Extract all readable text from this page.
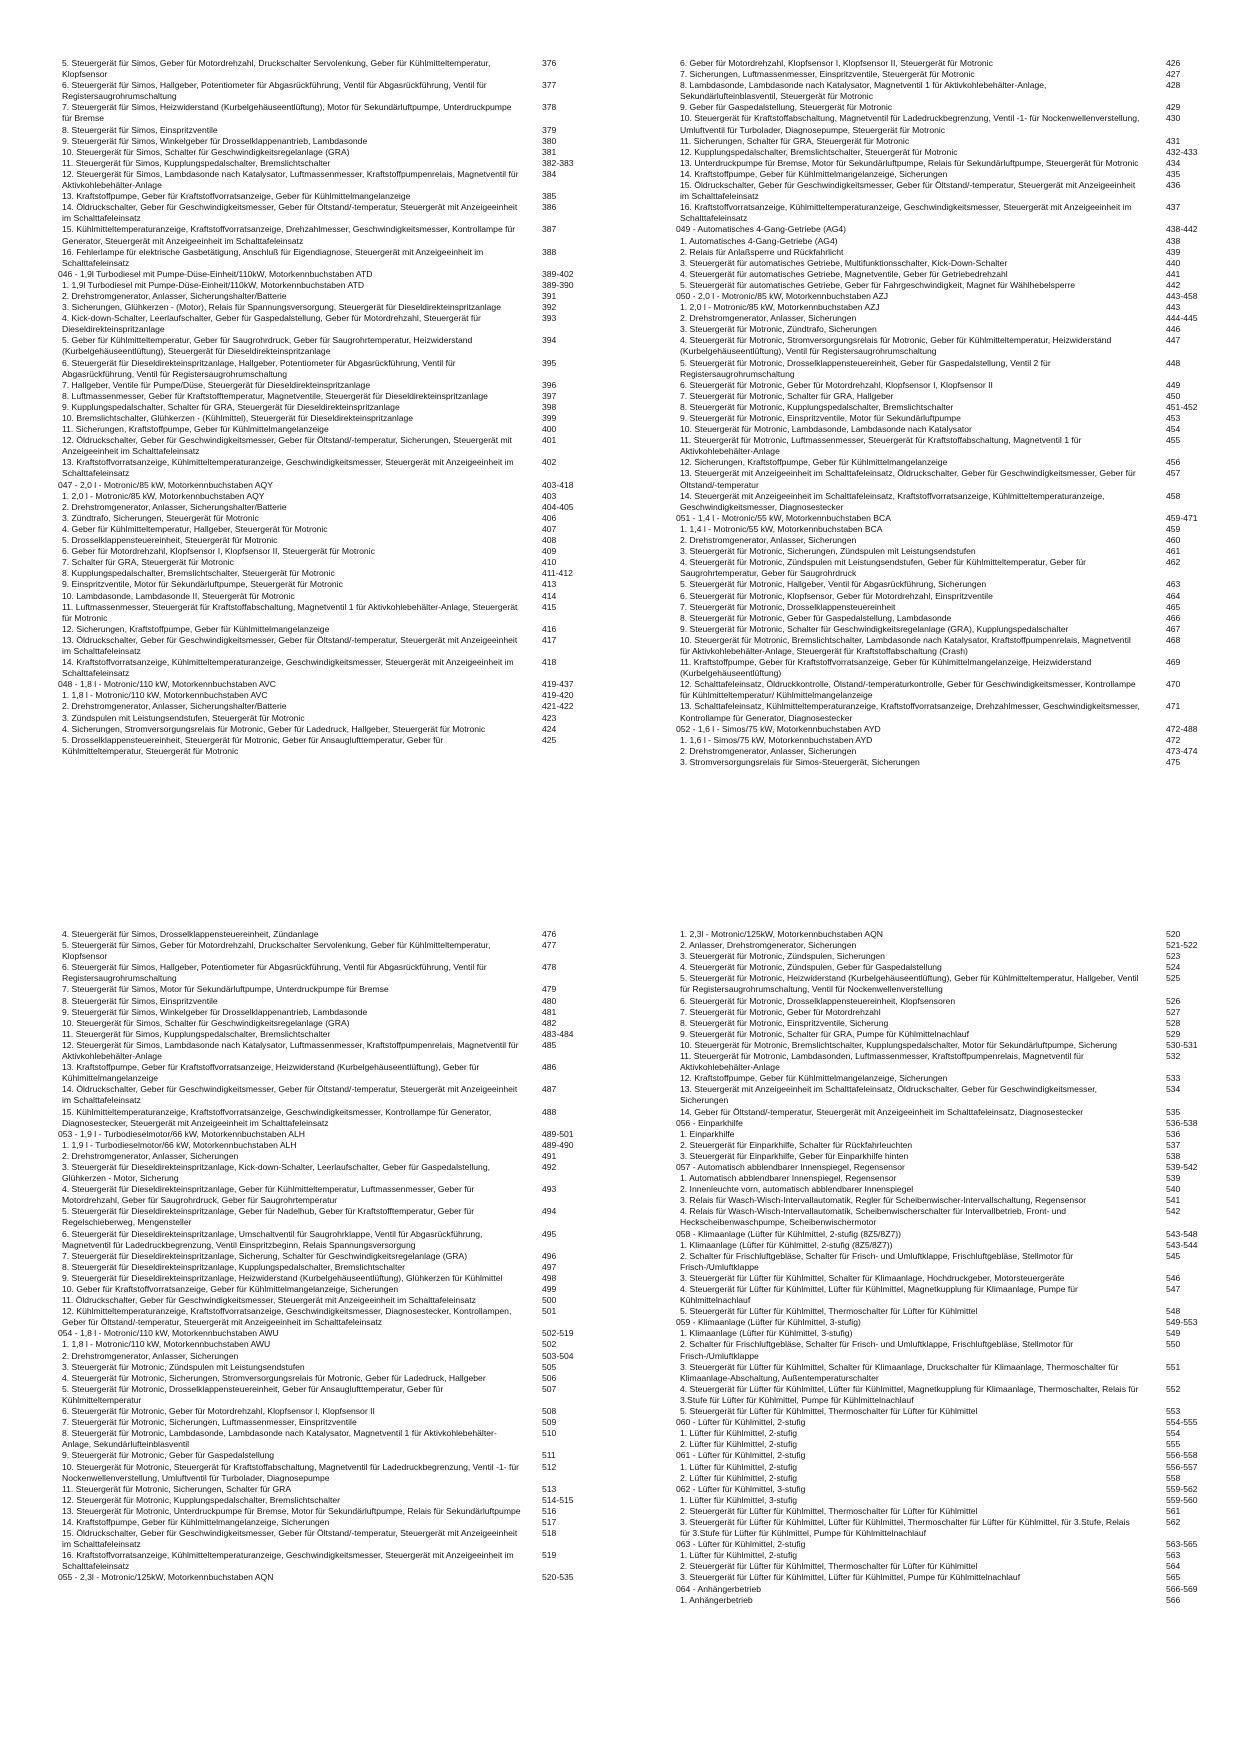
5. Steuergerät für Simos, Geber für Motordrehzahl, Druckschalter Servolenkung, Geber für Kühlmitteltemperatur, Klopfsensor
376
6. Steuergerät für Simos, Hallgeber, Potentiometer für Abgasrückführung, Ventil für Abgasrückführung, Ventil für Registersaugrohrumschaltung
377
7. Steuergerät für Simos, Heizwiderstand (Kurbelgehäuseentlüftung), Motor für Sekundärluftpumpe, Unterdruckpumpe für Bremse
378
8. Steuergerät für Simos, Einspritzventile	379
9. Steuergerät für Simos, Winkelgeber für Drosselklappenantrieb, Lambdasonde	380
10. Steuergerät für Simos, Schalter für Geschwindigkeitsregelanlage (GRA)	381
11. Steuergerät für Simos, Kupplungspedalschalter, Bremslichtschalter	382-383
12. Steuergerät für Simos, Lambdasonde nach Katalysator, Luftmassenmesser, Kraftstoffpumpenrelais, Magnetventil für Aktivkohlebehälter-Anlage
384
13. Kraftstoffpumpe, Geber für Kraftstoffvorratsanzeige, Geber für Kühlmittelmangelanzeige	385
14. Öldruckschalter, Geber für Geschwindigkeitsmesser, Geber für Öltstand/-temperatur, Steuergerät mit Anzeigeeinheit im Schalttafeleinsatz
386
15. Kühlmitteltemperaturanzeige, Kraftstoffvorratsanzeige, Drehzahlmesser, Geschwindigkeitsmesser, Kontrollampe für Generator, Steuergerät mit Anzeigeeinheit im Schalttafeleinsatz
387
16. Fehlerlampe für elektrische Gasbetätigung, Anschluß für Eigendiagnose, Steuergerät mit Anzeigeeinheit im Schalttafeleinsatz
388
046 - 1,9l Turbodiesel mit Pumpe-Düse-Einheit/110kW, Motorkennbuchstaben ATD	389-402
1. 1,9l Turbodiesel mit Pumpe-Düse-Einheit/110kW, Motorkennbuchstaben ATD	389-390
2. Drehstromgenerator, Anlasser, Sicherungshalter/Batterie	391
3. Sicherungen, Glühkerzen - (Motor), Relais für Spannungsversorgung, Steuergerät für Dieseldirekteinspritzanlage	392
4. Kick-down-Schalter, Leerlaufschalter, Geber für Gaspedalstellung, Geber für Motordrehzahl, Steuergerät für Dieseldirekteinspritzanlage
393
5. Geber für Kühlmitteltemperatur, Geber für Saugrohrdruck, Geber für Saugrohrtemperatur, Heizwiderstand (Kurbelgehäuseentlüftung), Steuergerät für Dieseldirekteinspritzanlage
394
6. Steuergerät für Dieseldirekteinspritzanlage, Hallgeber, Potentiometer für Abgasrückführung, Ventil für Abgasrückführung, Ventil für Registersaugrohrumschaltung
395
7. Hallgeber, Ventile für Pumpe/Düse, Steuergerät für Dieseldirekteinspritzanlage	396
8. Luftmassenmesser, Geber für Kraftstofftemperatur, Magnetventile, Steuergerät für Dieseldirekteinspritzanlage	397
9. Kupplungspedalschalter, Schalter für GRA, Steuergerät für Dieseldirekteinspritzanlage	398
10. Bremslichtschalter, Glühkerzen - (Kühlmittel), Steuergerät für Dieseldirekteinspritzanlage	399
11. Sicherungen, Kraftstoffpumpe, Geber für Kühlmittelmangelanzeige	400
12. Öldruckschalter, Geber für Geschwindigkeitsmesser, Geber für Öltstand/-temperatur, Sicherungen, Steuergerät mit Anzeigeeinheit im Schalttafeleinsatz
401
13. Kraftstoffvorratsanzeige, Kühlmitteltemperaturanzeige, Geschwindigkeitsmesser, Steuergerät mit Anzeigeeinheit im Schalttafeleinsatz
402
047 - 2,0 l - Motronic/85 kW, Motorkennbuchstaben AQY	403-418
1. 2,0 l - Motronic/85 kW, Motorkennbuchstaben AQY	403
2. Drehstromgenerator, Anlasser, Sicherungshalter/Batterie	404-405
3. Zündtrafo, Sicherungen, Steuergerät für Motronic	406
4. Geber für Kühlmitteltemperatur, Hallgeber, Steuergerät für Motronic	407
5. Drosselklappensteuereinheit, Steuergerät für Motronic	408
6. Geber für Motordrehzahl, Klopfsensor I, Klopfsensor II, Steuergerät für Motronic	409
7. Schalter für GRA, Steuergerät für Motronic	410
8. Kupplungspedalschalter, Bremslichtschalter, Steuergerät für Motronic	411-412
9. Einspritzventile, Motor für Sekundärluftpumpe, Steuergerät für Motronic	413
10. Lambdasonde, Lambdasonde II, Steuergerät für Motronic	414
11. Luftmassenmesser, Steuergerät für Kraftstoffabschaltung, Magnetventil 1 für Aktivkohlebehälter-Anlage, Steuergerät für Motronic
415
12. Sicherungen, Kraftstoffpumpe, Geber für Kühlmittelmangelanzeige	416
13. Öldruckschalter, Geber für Geschwindigkeitsmesser, Geber für Öltstand/-temperatur, Steuergerät mit Anzeigeeinheit im Schalttafeleinsatz
417
14. Kraftstoffvorratsanzeige, Kühlmitteltemperaturanzeige, Geschwindigkeitsmesser, Steuergerät mit Anzeigeeinheit im Schalttafeleinsatz
418
048 - 1,8 l - Motronic/110 kW, Motorkennbuchstaben AVC	419-437
1. 1,8 l - Motronic/110 kW, Motorkennbuchstaben AVC	419-420
2. Drehstromgenerator, Anlasser, Sicherungshalter/Batterie	421-422
3. Zündspulen mit Leistungsendstufen, Steuergerät für Motronic	423
4. Sicherungen, Stromversorgungsrelais für Motronic, Geber für Ladedruck, Hallgeber, Steuergerät für Motronic	424
5. Drosselklappensteuereinheit, Steuergerät für Motronic, Geber für Ansauglufttemperatur, Geber für Kühlmitteltemperatur, Steuergerät für Motronic
425
6. Geber für Motordrehzahl, Klopfsensor I, Klopfsensor II, Steuergerät für Motronic	426
7. Sicherungen, Luftmassenmesser, Einspritzventile, Steuergerät für Motronic	427
8. Lambdasonde, Lambdasonde nach Katalysator, Magnetventil 1 für Aktivkohlebehälter-Anlage, Sekundärlufteinblasventil, Steuergerät für Motronic
428
9. Geber für Gaspedalstellung, Steuergerät für Motronic	429
10. Steuergerät für Kraftstoffabschaltung, Magnetventil für Ladedruckbegrenzung, Ventil -1- für Nockenwellenverstellung, Umluftventil für Turbolader, Diagnosepumpe, Steuergerät für Motronic
430
11. Sicherungen, Schalter für GRA, Steuergerät für Motronic	431
12. Kupplungspedalschalter, Bremslichtschalter, Steuergerät für Motronic	432-433
13. Unterdruckpumpe für Bremse, Motor für Sekundärluftpumpe, Relais für Sekundärluftpumpe, Steuergerät für Motronic	434
14. Kraftstoffpumpe, Geber für Kühlmittelmangelanzeige, Sicherungen	435
15. Öldruckschalter, Geber für Geschwindigkeitsmesser, Geber für Öltstand/-temperatur, Steuergerät mit Anzeigeeinheit im Schalttafeleinsatz
436
16. Kraftstoffvorratsanzeige, Kühlmitteltemperaturanzeige, Geschwindigkeitsmesser, Steuergerät mit Anzeigeeinheit im Schalttafeleinsatz
437
049 - Automatisches 4-Gang-Getriebe (AG4)	438-442
1. Automatisches 4-Gang-Getriebe (AG4)	438
2. Relais für Anlaßsperre und Rückfahrlicht	439
3. Steuergerät für automatisches Getriebe, Multifunktionsschalter, Kick-Down-Schalter	440
4. Steuergerät für automatisches Getriebe, Magnetventile, Geber für Getriebedrehzahl	441
5. Steuergerät für automatisches Getriebe, Geber für Fahrgeschwindigkeit, Magnet für Wählhebelsperre	442
050 - 2,0 l - Motronic/85 kW, Motorkennbuchstaben AZJ	443-458
1. 2,0 l - Motronic/85 kW, Motorkennbuchstaben AZJ	443
2. Drehstromgenerator, Anlasser, Sicherungen	444-445
3. Steuergerät für Motronic, Zündtrafo, Sicherungen	446
4. Steuergerät für Motronic, Stromversorgungsrelais für Motronic, Geber für Kühlmitteltemperatur, Heizwiderstand (Kurbelgehäuseentlüftung), Ventil für Registersaugrohrumschaltung
447
5. Steuergerät für Motronic, Drosselklappensteuereinheit, Geber für Gaspedalstellung, Ventil 2 für Registersaugrohrumschaltung
448
6. Steuergerät für Motronic, Geber für Motordrehzahl, Klopfsensor I, Klopfsensor II	449
7. Steuergerät für Motronic, Schalter für GRA, Hallgeber	450
8. Steuergerät für Motronic, Kupplungspedalschalter, Bremslichtschalter	451-452
9. Steuergerät für Motronic, Einspritzventile, Motor für Sekundärluftpumpe	453
10. Steuergerät für Motronic, Lambdasonde, Lambdasonde nach Katalysator	454
11. Steuergerät für Motronic, Luftmassenmesser, Steuergerät für Kraftstoffabschaltung, Magnetventil 1 für Aktivkohlebehälter-Anlage
455
12. Sicherungen, Kraftstoffpumpe, Geber für Kühlmittelmangelanzeige	456
13. Steuergerät mit Anzeigeeinheit im Schalttafeleinsatz, Öldruckschalter, Geber für Geschwindigkeitsmesser, Geber für Öltstand/-temperatur
457
14. Steuergerät mit Anzeigeeinheit im Schalttafeleinsatz, Kraftstoffvorratsanzeige, Kühlmitteltemperaturanzeige, Geschwindigkeitsmesser, Diagnosestecker
458
051 - 1,4 l - Motronic/55 kW, Motorkennbuchstaben BCA	459-471
1. 1,4 l - Motronic/55 kW, Motorkennbuchstaben BCA	459
2. Drehstromgenerator, Anlasser, Sicherungen	460
3. Steuergerät für Motronic, Sicherungen, Zündspulen mit Leistungsendstufen	461
4. Steuergerät für Motronic, Zündspulen mit Leistungsendstufen, Geber für Kühlmitteltemperatur, Geber für Saugrohrtemperatur, Geber für Saugrohrdruck
462
5. Steuergerät für Motronic, Hallgeber, Ventil für Abgasrückführung, Sicherungen	463
6. Steuergerät für Motronic, Klopfsensor, Geber für Motordrehzahl, Einspritzventile	464
7. Steuergerät für Motronic, Drosselklappensteuereinheit	465
8. Steuergerät für Motronic, Geber für Gaspedalstellung, Lambdasonde	466
9. Steuergerät für Motronic, Schalter für Geschwindigkeitsregelanlage (GRA), Kupplungspedalschalter	467
10. Steuergerät für Motronic, Bremslichtschalter, Lambdasonde nach Katalysator, Kraftstoffpumpenrelais, Magnetventil für Aktivkohlebehälter-Anlage, Steuergerät für Kraftstoffabschaltung (Crash)
468
11. Kraftstoffpumpe, Geber für Kraftstoffvorratsanzeige, Geber für Kühlmittelmangelanzeige, Heizwiderstand (Kurbelgehäuseentlüftung)
469
12. Schalttafeleinsatz, Öldruckkontrolle, Ölstand/-temperaturkontrolle, Geber für Geschwindigkeitsmesser, Kontrollampe für Kühlmitteltemperatur/ Kühlmittelmangelanzeige
470
13. Schalttafeleinsatz, Kühlmitteltemperaturanzeige, Kraftstoffvorratsanzeige, Drehzahlmesser, Geschwindigkeitsmesser, Kontrollampe für Generator, Diagnosestecker
471
052 - 1,6 l - Simos/75 kW, Motorkennbuchstaben AYD	472-488
1. 1,6 l - Simos/75 kW, Motorkennbuchstaben AYD	472
2. Drehstromgenerator, Anlasser, Sicherungen	473-474
3. Stromversorgungsrelais für Simos-Steuergerät, Sicherungen	475
4. Steuergerät für Simos, Drosselklappensteuereinheit, Zündanlage	476
5. Steuergerät für Simos, Geber für Motordrehzahl, Druckschalter Servolenkung, Geber für Kühlmitteltemperatur, Klopfsensor
477
6. Steuergerät für Simos, Hallgeber, Potentiometer für Abgasrückführung, Ventil für Abgasrückführung, Ventil für Registersaugrohrumschaltung
478
7. Steuergerät für Simos, Motor für Sekundärluftpumpe, Unterdruckpumpe für Bremse	479
8. Steuergerät für Simos, Einspritzventile	480
9. Steuergerät für Simos, Winkelgeber für Drosselklappenantrieb, Lambdasonde	481
10. Steuergerät für Simos, Schalter für Geschwindigkeitsregelanlage (GRA)	482
11. Steuergerät für Simos, Kupplungspedalschalter, Bremslichtschalter	483-484
12. Steuergerät für Simos, Lambdasonde nach Katalysator, Luftmassenmesser, Kraftstoffpumpenrelais, Magnetventil für Aktivkohlebehälter-Anlage
485
13. Kraftstoffpumpe, Geber für Kraftstoffvorratsanzeige, Heizwiderstand (Kurbelgehäuseentlüftung), Geber für Kühlmittelmangelanzeige
486
14. Öldruckschalter, Geber für Geschwindigkeitsmesser, Geber für Öltstand/-temperatur, Steuergerät mit Anzeigeeinheit im Schalttafeleinsatz
487
15. Kühlmitteltemperaturanzeige, Kraftstoffvorratsanzeige, Geschwindigkeitsmesser, Kontrollampe für Generator, Diagnosestecker, Steuergerät mit Anzeigeeinheit im Schalttafeleinsatz
488
053 - 1,9 l - Turbodieselmotor/66 kW, Motorkennbuchstaben ALH	489-501
1. 1,9 l - Turbodieselmotor/66 kW, Motorkennbuchstaben ALH	489-490
2. Drehstromgenerator, Anlasser, Sicherungen	491
3. Steuergerät für Dieseldirekteinspritzanlage, Kick-down-Schalter, Leerlaufschalter, Geber für Gaspedalstellung, Glühkerzen - Motor, Sicherung
492
4. Steuergerät für Dieseldirekteinspritzanlage, Geber für Kühlmitteltemperatur, Luftmassenmesser, Geber für Motordrehzahl, Geber für Saugrohrdruck, Geber für Saugrohrtemperatur
493
5. Steuergerät für Dieseldirekteinspritzanlage, Geber für Nadelhub, Geber für Kraftstofftemperatur, Geber für Regelschieberweg, Mengensteller
494
6. Steuergerät für Dieseldirekteinspritzanlage, Umschaltventil für Saugrohrklappe, Ventil für Abgasrückführung, Magnetventil für Ladedruckbegrenzung, Ventil Einspritzbeginn, Relais Spannungsversorgung
495
7. Steuergerät für Dieseldirekteinspritzanlage, Sicherung, Schalter für Geschwindigkeitsregelanlage (GRA)	496
8. Steuergerät für Dieseldirekteinspritzanlage, Kupplungspedalschalter, Bremslichtschalter	497
9. Steuergerät für Dieseldirekteinspritzanlage, Heizwiderstand (Kurbelgehäuseentlüftung), Glühkerzen für Kühlmittel	498
10. Geber für Kraftstoffvorratsanzeige, Geber für Kühlmittelmangelanzeige, Sicherungen	499
11. Öldruckschalter, Geber für Geschwindigkeitsmesser, Steuergerät mit Anzeigeeinheit im Schalttafeleinsatz	500
12. Kühlmitteltemperaturanzeige, Kraftstoffvorratsanzeige, Geschwindigkeitsmesser, Diagnosestecker, Kontrollampen, Geber für Öltstand/-temperatur, Steuergerät mit Anzeigeeinheit im Schalttafeleinsatz
501
054 - 1,8 l - Motronic/110 kW, Motorkennbuchstaben AWU	502-519
1. 1,8 l - Motronic/110 kW, Motorkennbuchstaben AWU	502
2. Drehstromgenerator, Anlasser, Sicherungen	503-504
3. Steuergerät für Motronic, Zündspulen mit Leistungsendstufen	505
4. Steuergerät für Motronic, Sicherungen, Stromversorgungsrelais für Motronic, Geber für Ladedruck, Hallgeber	506
5. Steuergerät für Motronic, Drosselklappensteuereinheit, Geber für Ansauglufttemperatur, Geber für Kühlmitteltemperatur
507
6. Steuergerät für Motronic, Geber für Motordrehzahl, Klopfsensor I, Klopfsensor II	508
7. Steuergerät für Motronic, Sicherungen, Luftmassenmesser, Einspritzventile	509
8. Steuergerät für Motronic, Lambdasonde, Lambdasonde nach Katalysator, Magnetventil 1 für Aktivkohlebehälter-Anlage, Sekundärlufteinblasventil
510
9. Steuergerät für Motronic, Geber für Gaspedalstellung	511
10. Steuergerät für Motronic, Steuergerät für Kraftstoffabschaltung, Magnetventil für Ladedruckbegrenzung, Ventil -1- für Nockenwellenverstellung, Umluftventil für Turbolader, Diagnosepumpe
512
11. Steuergerät für Motronic, Sicherungen, Schalter für GRA	513
12. Steuergerät für Motronic, Kupplungspedalschalter, Bremslichtschalter	514-515
13. Steuergerät für Motronic, Unterdruckpumpe für Bremse, Motor für Sekundärluftpumpe, Relais für Sekundärluftpumpe 516
14. Kraftstoffpumpe, Geber für Kühlmittelmangelanzeige, Sicherungen	517
15. Öldruckschalter, Geber für Geschwindigkeitsmesser, Geber für Öltstand/-temperatur, Steuergerät mit Anzeigeeinheit im Schalttafeleinsatz
518
16. Kraftstoffvorratsanzeige, Kühlmitteltemperaturanzeige, Geschwindigkeitsmesser, Steuergerät mit Anzeigeeinheit im Schalttafeleinsatz
519
055 - 2,3l - Motronic/125kW, Motorkennbuchstaben AQN	520-535
1. 2,3l - Motronic/125kW, Motorkennbuchstaben AQN	520
2. Anlasser, Drehstromgenerator, Sicherungen	521-522
3. Steuergerät für Motronic, Zündspulen, Sicherungen	523
4. Steuergerät für Motronic, Zündspulen, Geber für Gaspedalstellung	524
5. Steuergerät für Motronic, Heizwiderstand (Kurbelgehäuseentlüftung), Geber für Kühlmitteltemperatur, Hallgeber, Ventil für Registersaugrohrumschaltung, Ventil für Nockenwellenverstellung
525
6. Steuergerät für Motronic, Drosselklappensteuereinheit, Klopfsensoren	526
7. Steuergerät für Motronic, Geber für Motordrehzahl	527
8. Steuergerät für Motronic, Einspritzventile, Sicherung	528
9. Steuergerät für Motronic, Schalter für GRA, Pumpe für Kühlmittelnachlauf	529
10. Steuergerät für Motronic, Bremslichtschalter, Kupplungspedalschalter, Motor für Sekundärluftpumpe, Sicherung	530-531
11. Steuergerät für Motronic, Lambdasonden, Luftmassenmesser, Kraftstoffpumpenrelais, Magnetventil für Aktivkohlebehälter-Anlage
532
12. Kraftstoffpumpe, Geber für Kühlmittelmangelanzeige, Sicherungen	533
13. Steuergerät mit Anzeigeeinheit im Schalttafeleinsatz, Öldruckschalter, Geber für Geschwindigkeitsmesser, Sicherungen
534
14. Geber für Öltstand/-temperatur, Steuergerät mit Anzeigeeinheit im Schalttafeleinsatz, Diagnosestecker	535
056 - Einparkhilfe	536-538
1. Einparkhilfe	536
2. Steuergerät für Einparkhilfe, Schalter für Rückfahrleuchten	537
3. Steuergerät für Einparkhilfe, Geber für Einparkhilfe hinten	538
057 - Automatisch abblendbarer Innenspiegel, Regensensor	539-542
1. Automatisch abblendbarer Innenspiegel, Regensensor	539
2. Innenleuchte vorn, automatisch abblendbarer Innenspiegel	540
3. Relais für Wasch-Wisch-Intervallautomatik, Regler für Scheibenwischer-Intervallschaltung, Regensensor	541
4. Relais für Wasch-Wisch-Intervallautomatik, Scheibenwischerschalter für Intervallbetrieb, Front- und Heckscheibenwaschpumpe, Scheibenwischermotor
542
058 - Klimaanlage (Lüfter für Kühlmittel, 2-stufig (8Z5/8Z7))	543-548
1. Klimaanlage (Lüfter für Kühlmittel, 2-stufig (8Z5/8Z7))	543-544
2. Schalter für Frischluftgebläse, Schalter für Frisch- und Umluftklappe, Frischluftgebläse, Stellmotor für Frisch-/Umluftklappe
545
3. Steuergerät für Lüfter für Kühlmittel, Schalter für Klimaanlage, Hochdruckgeber, Motorsteuergeräte	546
4. Steuergerät für Lüfter für Kühlmittel, Lüfter für Kühlmittel, Magnetkupplung für Klimaanlage, Pumpe für Kühlmittelnachlauf
547
5. Steuergerät für Lüfter für Kühlmittel, Thermoschalter für Lüfter für Kühlmittel	548
059 - Klimaanlage (Lüfter für Kühlmittel, 3-stufig)	549-553
1. Klimaanlage (Lüfter für Kühlmittel, 3-stufig)	549
2. Schalter für Frischluftgebläse, Schalter für Frisch- und Umluftklappe, Frischluftgebläse, Stellmotor für Frisch-/Umluftklappe
550
3. Steuergerät für Lüfter für Kühlmittel, Schalter für Klimaanlage, Druckschalter für Klimaanlage, Thermoschalter für Klimaanlage-Abschaltung, Außentemperaturschalter
551
4. Steuergerät für Lüfter für Kühlmittel, Lüfter für Kühlmittel, Magnetkupplung für Klimaanlage, Thermoschalter, Relais für 3.Stufe für Lüfter für Kühlmittel, Pumpe für Kühlmittelnachlauf
552
5. Steuergerät für Lüfter für Kühlmittel, Thermoschalter für Lüfter für Kühlmittel	553
060 - Lüfter für Kühlmittel, 2-stufig	554-555
1. Lüfter für Kühlmittel, 2-stufig	554
2. Lüfter für Kühlmittel, 2-stufig	555
061 - Lüfter für Kühlmittel, 2-stufig	556-558
1. Lüfter für Kühlmittel, 2-stufig	556-557
2. Lüfter für Kühlmittel, 2-stufig	558
062 - Lüfter für Kühlmittel, 3-stufig	559-562
1. Lüfter für Kühlmittel, 3-stufig	559-560
2. Steuergerät für Lüfter für Kühlmittel, Thermoschalter für Lüfter für Kühlmittel	561
3. Steuergerät für Lüfter für Kühlmittel, Lüfter für Kühlmittel, Thermoschalter für Lüfter für Kühlmittel, für 3.Stufe, Relais für 3.Stufe für Lüfter für Kühlmittel, Pumpe für Kühlmittelnachlauf
562
063 - Lüfter für Kühlmittel, 2-stufig	563-565
1. Lüfter für Kühlmittel, 2-stufig	563
2. Steuergerät für Lüfter für Kühlmittel, Thermoschalter für Lüfter für Kühlmittel	564
3. Steuergerät für Lüfter für Kühlmittel, Lüfter für Kühlmittel, Pumpe für Kühlmittelnachlauf	565
064 - Anhängerbetrieb	566-569
1. Anhängerbetrieb	566
